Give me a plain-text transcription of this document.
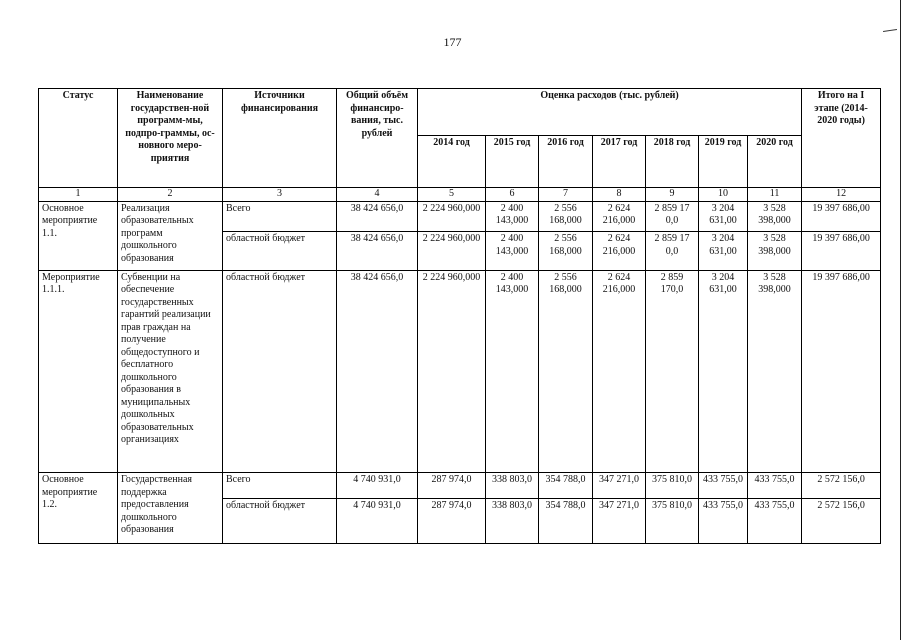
177
Статус	Наименование государствен-ной программ-мы, подпро-граммы, ос-новного меро-приятия	Источники финансирования	Общий объём финансиро-вания, тыс. рублей	Оценка расходов (тыс. рублей)							Итого на I этапе (2014-2020 годы)
				2014 год	2015 год	2016 год	2017 год	2018 год	2019 год	2020 год	
1	2	3	4	5	6	7	8	9	10	11	12
Основное мероприятие 1.1.	Реализация образовательных программ дошкольного образования	Всего	38 424 656,0	2 224 960,000	2 400 143,000	2 556 168,000	2 624 216,000	2 859 17 0,0	3 204 631,00	3 528 398,000	19 397 686,00
		областной бюджет	38 424 656,0	2 224 960,000	2 400 143,000	2 556 168,000	2 624 216,000	2 859 17 0,0	3 204 631,00	3 528 398,000	19 397 686,00
Мероприятие 1.1.1.	Субвенции на обеспечение государственных гарантий реализации прав граждан на получение общедоступного и бесплатного дошкольного образования в муниципальных дошкольных образовательных организациях	областной бюджет	38 424 656,0	2 224 960,000	2 400 143,000	2 556 168,000	2 624 216,000	2 859 170,0	3 204 631,00	3 528 398,000	19 397 686,00
Основное мероприятие 1.2.	Государственная поддержка предоставления дошкольного образования	Всего	4 740 931,0	287 974,0	338 803,0	354 788,0	347 271,0	375 810,0	433 755,0	433 755,0	2 572 156,0
		областной бюджет	4 740 931,0	287 974,0	338 803,0	354 788,0	347 271,0	375 810,0	433 755,0	433 755,0	2 572 156,0
